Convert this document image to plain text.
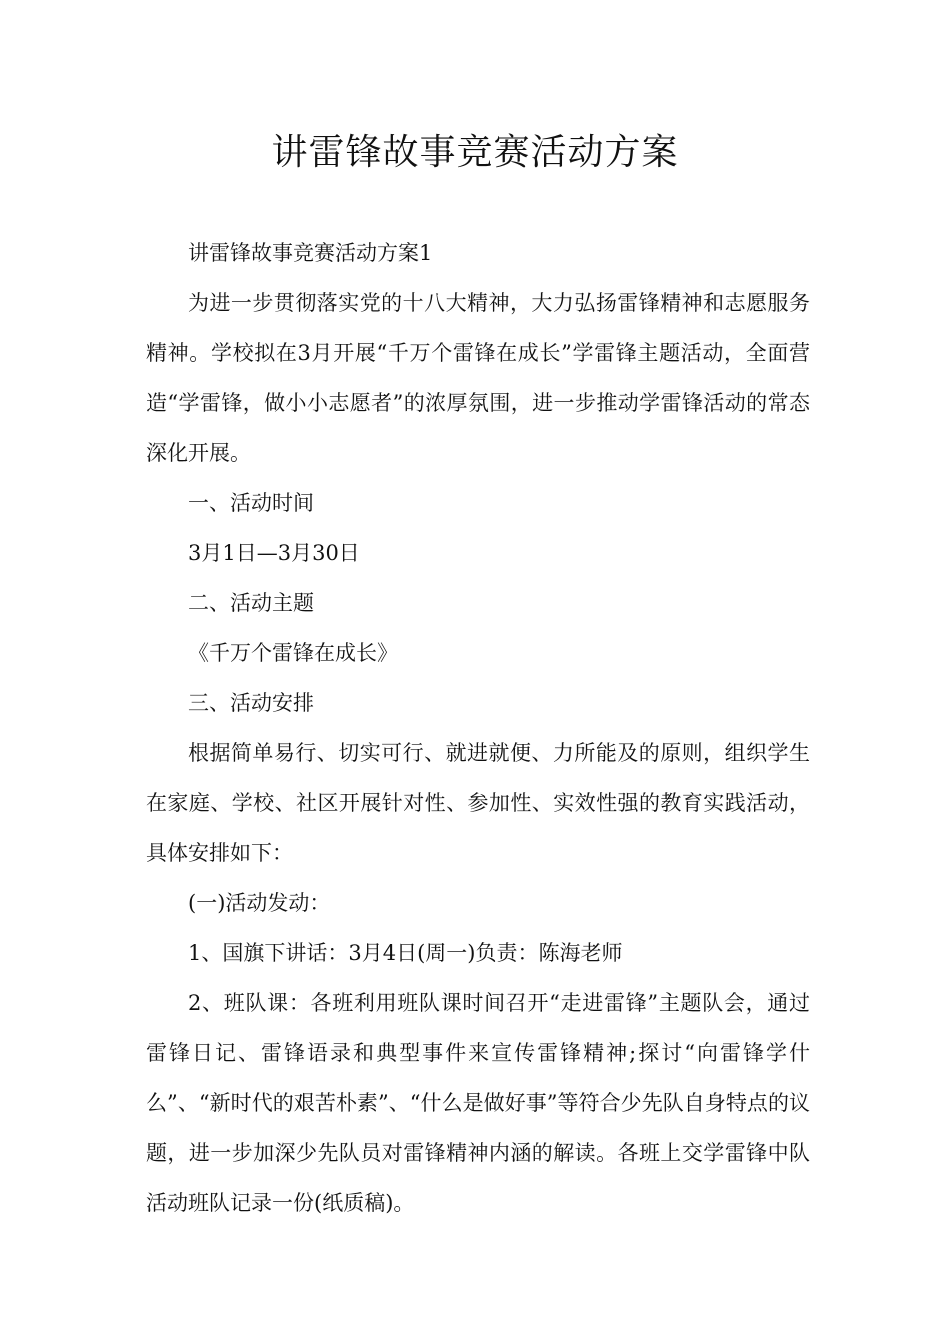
讲雷锋故事竞赛活动方案

讲雷锋故事竞赛活动方案1

为进一步贯彻落实党的十八大精神，大力弘扬雷锋精神和志愿服务精神。学校拟在3月开展“千万个雷锋在成长”学雷锋主题活动，全面营造“学雷锋，做小小志愿者”的浓厚氛围，进一步推动学雷锋活动的常态深化开展。

一、活动时间

3月1日—3月30日

二、活动主题

《千万个雷锋在成长》

三、活动安排

根据简单易行、切实可行、就进就便、力所能及的原则，组织学生在家庭、学校、社区开展针对性、参加性、实效性强的教育实践活动，具体安排如下：

(一)活动发动：

1、国旗下讲话：3月4日(周一)负责：陈海老师

2、班队课：各班利用班队课时间召开“走进雷锋”主题队会，通过雷锋日记、雷锋语录和典型事件来宣传雷锋精神;探讨“向雷锋学什么”、“新时代的艰苦朴素”、“什么是做好事”等符合少先队自身特点的议题，进一步加深少先队员对雷锋精神内涵的解读。各班上交学雷锋中队活动班队记录一份(纸质稿)。
